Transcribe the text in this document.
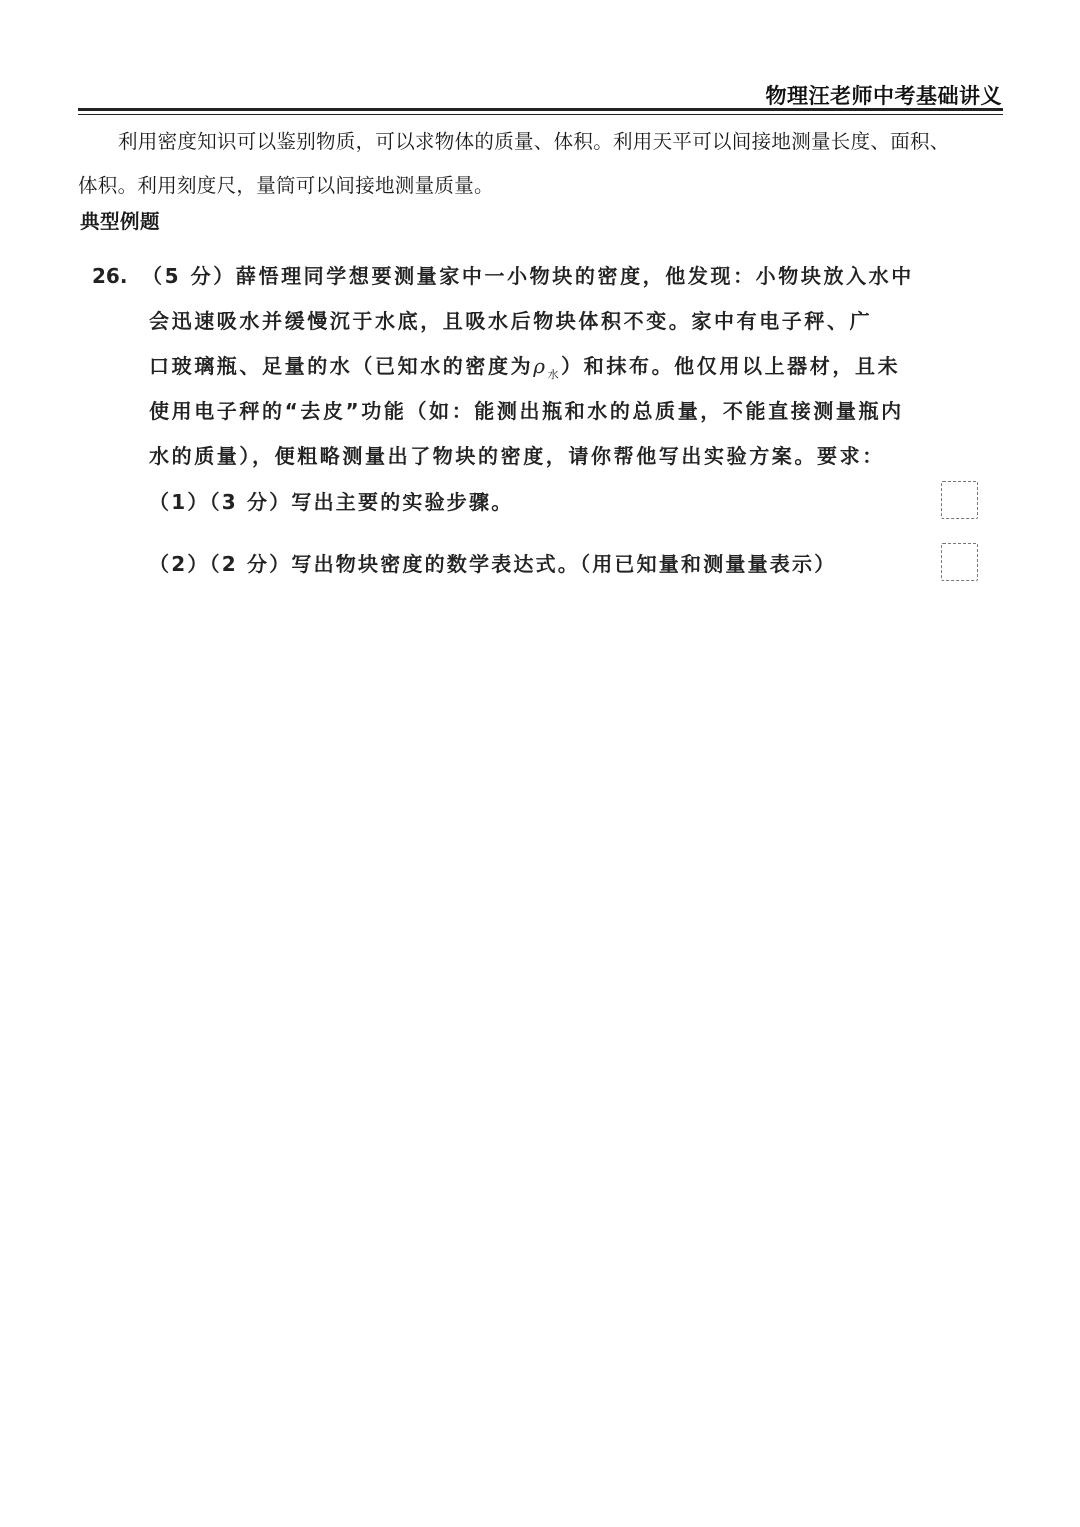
物理汪老师中考基础讲义
利用密度知识可以鉴别物质，可以求物体的质量、体积。利用天平可以间接地测量长度、面积、
体积。利用刻度尺，量筒可以间接地测量质量。
典型例题
26. （5 分）薛悟理同学想要测量家中一小物块的密度，他发现：小物块放入水中
会迅速吸水并缓慢沉于水底，且吸水后物块体积不变。家中有电子秤、广
口玻璃瓶、足量的水（已知水的密度为$\rho_水$）和抹布。他仅用以上器材，且未
使用电子秤的“去皮”功能（如：能测出瓶和水的总质量，不能直接测量瓶内
水的质量），便粗略测量出了物块的密度，请你帮他写出实验方案。要求：
（1）（3 分）写出主要的实验步骤。
（2）（2 分）写出物块密度的数学表达式。（用已知量和测量量表示）
